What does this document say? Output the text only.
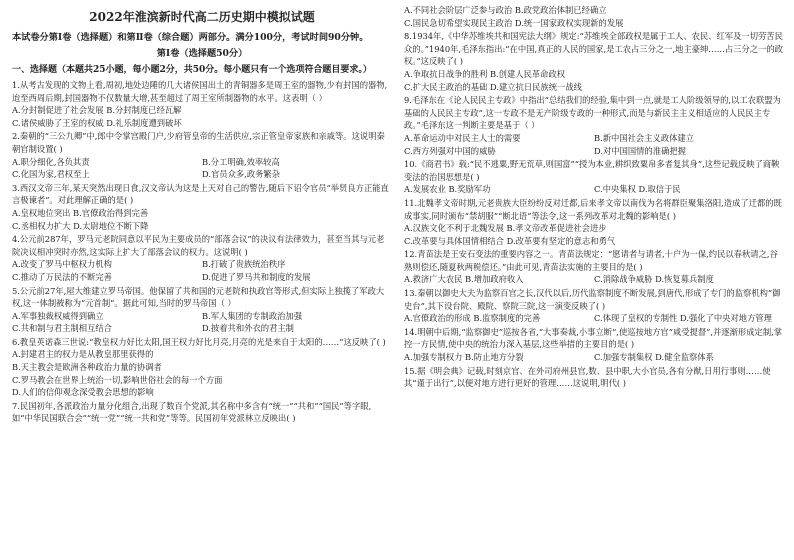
2022年淮滨新时代高二历史期中模拟试题
本试卷分第Ⅰ卷（选择题）和第Ⅱ卷（综合题）两部分。满分100分，考试时间90分钟。
第Ⅰ卷（选择题50分）
一、选择题（本题共25小题，每小题2分，共50分。每小题只有一个选项符合题目要求。）

1.从考古发现的文物上看,周初,地处边陲的几大诸侯国出土的青铜器多是周王室的器物,少有封国的器物,迨至西周后期,封国器物不仅数量大增,甚至超过了周王室所制器物的水平。这表明（ ）

A.分封制促进了社会发展 B.分封制度已经瓦解
C.诸侯威胁了王室的权威 D.礼乐制度遭到破坏

2.秦朝的“三公九卿”中,郎中令掌宫殿门户,少府管皇帝的生活供应,宗正管皇帝家族和亲戚等。这说明秦朝官制设置( )

A.职分细化,各负其责	B.分工明确,效率较高
C.化国为家,君权至上	D.官员众多,政务繁杂

3.西汉文帝三年,某天突然出现日食,汉文帝认为这是上天对自己的警告,随后下诏令官员“举贤良方正能直言极谏者”。对此理解正确的是( )

A.皇权地位突出 B.官僚政治得到完善
C.丞相权力扩大 D.太尉地位不断下降

4.公元前287年，罗马元老院同意以平民为主要成员的“部落会议”的决议有法律效力，甚至当其与元老院决议相冲突时亦然,这实际上扩大了部落会议的权力。这说明( )

A.改变了罗马中枢权力机构	B.打破了贵族统治秩序
C.推动了万民法的不断完善	D.促进了罗马共和制度的发展

5.公元前27年,屋大维建立罗马帝国。他保留了共和国的元老院和执政官等形式,但实际上独揽了军政大权,这一体制被称为“元首制”。据此可知,当时的罗马帝国（ ）

A.军事独裁权威得到确立	B.军人集团的专制政治加强
C.共和制与君主制相互结合	D.披着共和外衣的君主制

6.教皇英诺森三世说:“教皇权力好比太阳,国王权力好比月亮,月亮的光是来自于太阳的……”这反映了( )

A.封建君主的权力是从教皇那里获得的
B.天主教会是欧洲各种政治力量的协调者
C.罗马教会在世界上统治一切,影响世俗社会的每一个方面
D.人们的信仰观念深受教会思想的影响

7.民国初年,各派政治力量分化组合,出现了数百个党派,其名称中多含有“统一”“共和”“国民”等字眼,如“中华民国联合会”“统一党”“统一共和党”等等。民国初年党派林立反映出( )

A.不同社会阶层广泛参与政治 B.政党政治体制已经确立
C.国民急切希望实现民主政治 D.统一国家政权实现新的发展

8.1934年,《中华苏维埃共和国宪法大纲》规定:“苏维埃全部政权是属于工人、农民、红军及一切劳苦民众的。”1940年,毛泽东指出:“在中国,真正的人民的国家,是工农占三分之一,地主豪绅……占三分之一的政权。”这反映了( )

A.争取抗日战争的胜利 B.创建人民革命政权
C.扩大民主政治的基础 D.建立抗日民族统一战线

9.毛泽东在《论人民民主专政》中指出“总结我们的经验,集中到一点,就是工人阶级领导的,以工农联盟为基础的人民民主专政”,这一专政不是无产阶级专政的一种形式,而是与新民主主义相适应的人民民主专政。”毛泽东这一判断主要是基于（ ）

A.革命运动中对民主人士的需要	B.新中国社会主义政体建立
C.西方列强对中国的威胁	D.对中国国情的准确把握

10.《商君书》载:“民不逃粟,野无荒草,则国富”“授为本业,耕织致粟帛多者复其身”,这些记载反映了商鞅变法的治国思想是( )

A.发展农业 B.奖励军功	C.中央集权 D.取信于民

11.北魏孝文帝时期,元老贵族大臣纷纷反对迁都,后来孝文帝以南伐为名将群臣聚集洛阳,造成了迁都的既成事实,同时颁布“禁胡服”“断北语”等法令,这一系列改革对北魏的影响是( )

A.汉族文化不利于北魏发展 B.孝文帝改革促进社会进步
C.改革要与具体国情相结合 D.改革要有坚定的意志和勇气

12.青苗法是王安石变法的重要内容之一。青苗法规定：“愿请者与请者,十户为一保,约民以春秋请之,谷熟则偿还,随夏秋两税偿还。”由此可见,青苗法实施的主要目的是( )

A.救济广大农民 B.增加政府收入	C.消除战争威胁 D.恢复募兵制度

13.秦朝以御史大夫为监察百官之长,汉代以后,历代监察制度不断发展,到唐代,形成了专门的监察机构“御史台”,其下设台院、殿院、察院三院,这一演变反映了( )

A.官僚政治的形成 B.监察制度的完善	C.体现了皇权的专制性 D.强化了中央对地方管理

14.明朝中后期,“监察御史”巡按各省,“大事奏裁,小事立断”,使巡按地方官“咸受提督”,并逐渐形成定制,掌控一方民情,使中央的统治力深入基层,这些举措的主要目的是( )

A.加强专制权力 B.防止地方分裂	C.加强专制集权 D.健全监察体系

15.据《明会典》记载,时刻京官、在外司府州县官,数、县中职,大小官员,各有分猷,日用行事则……使其“谨于出行”,以便对地方进行更好的管理……这说明,明代( )
